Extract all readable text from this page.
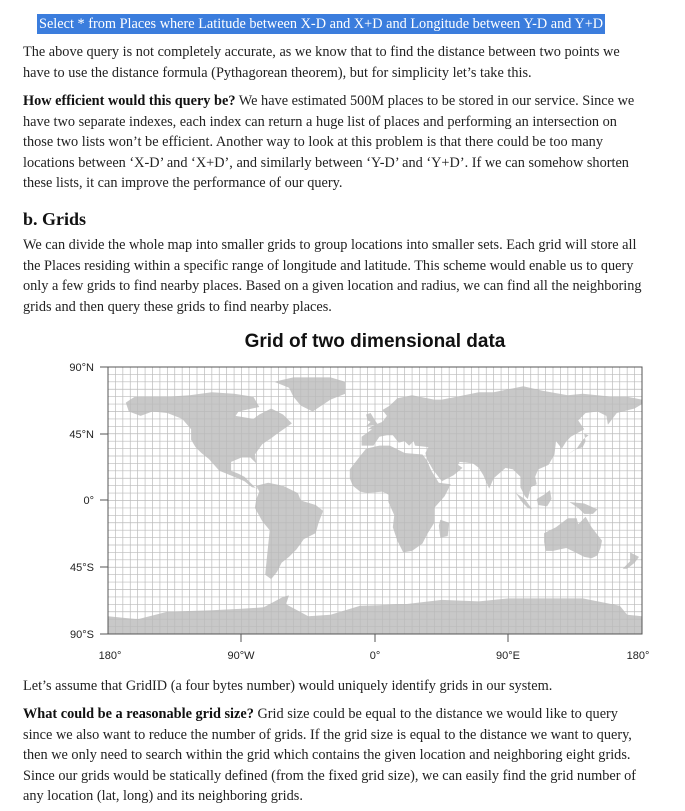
Select * from Places where Latitude between X-D and X+D and Longitude between Y-D and Y+D

The above query is not completely accurate, as we know that to find the distance between two points we have to use the distance formula (Pythagorean theorem), but for simplicity let’s take this.

How efficient would this query be? We have estimated 500M places to be stored in our service. Since we have two separate indexes, each index can return a huge list of places and performing an intersection on those two lists won’t be efficient. Another way to look at this problem is that there could be too many locations between ‘X-D’ and ‘X+D’, and similarly between ‘Y-D’ and ‘Y+D’. If we can somehow shorten these lists, it can improve the performance of our query.

b. Grids

We can divide the whole map into smaller grids to group locations into smaller sets. Each grid will store all the Places residing within a specific range of longitude and latitude. This scheme would enable us to query only a few grids to find nearby places. Based on a given location and radius, we can find all the neighboring grids and then query these grids to find nearby places.

Grid of two dimensional data
90°N
45°N
0°
45°S
90°S
180°	90°W	0°	90°E	180°

Let’s assume that GridID (a four bytes number) would uniquely identify grids in our system.

What could be a reasonable grid size? Grid size could be equal to the distance we would like to query since we also want to reduce the number of grids. If the grid size is equal to the distance we want to query, then we only need to search within the grid which contains the given location and neighboring eight grids. Since our grids would be statically defined (from the fixed grid size), we can easily find the grid number of any location (lat, long) and its neighboring grids.
